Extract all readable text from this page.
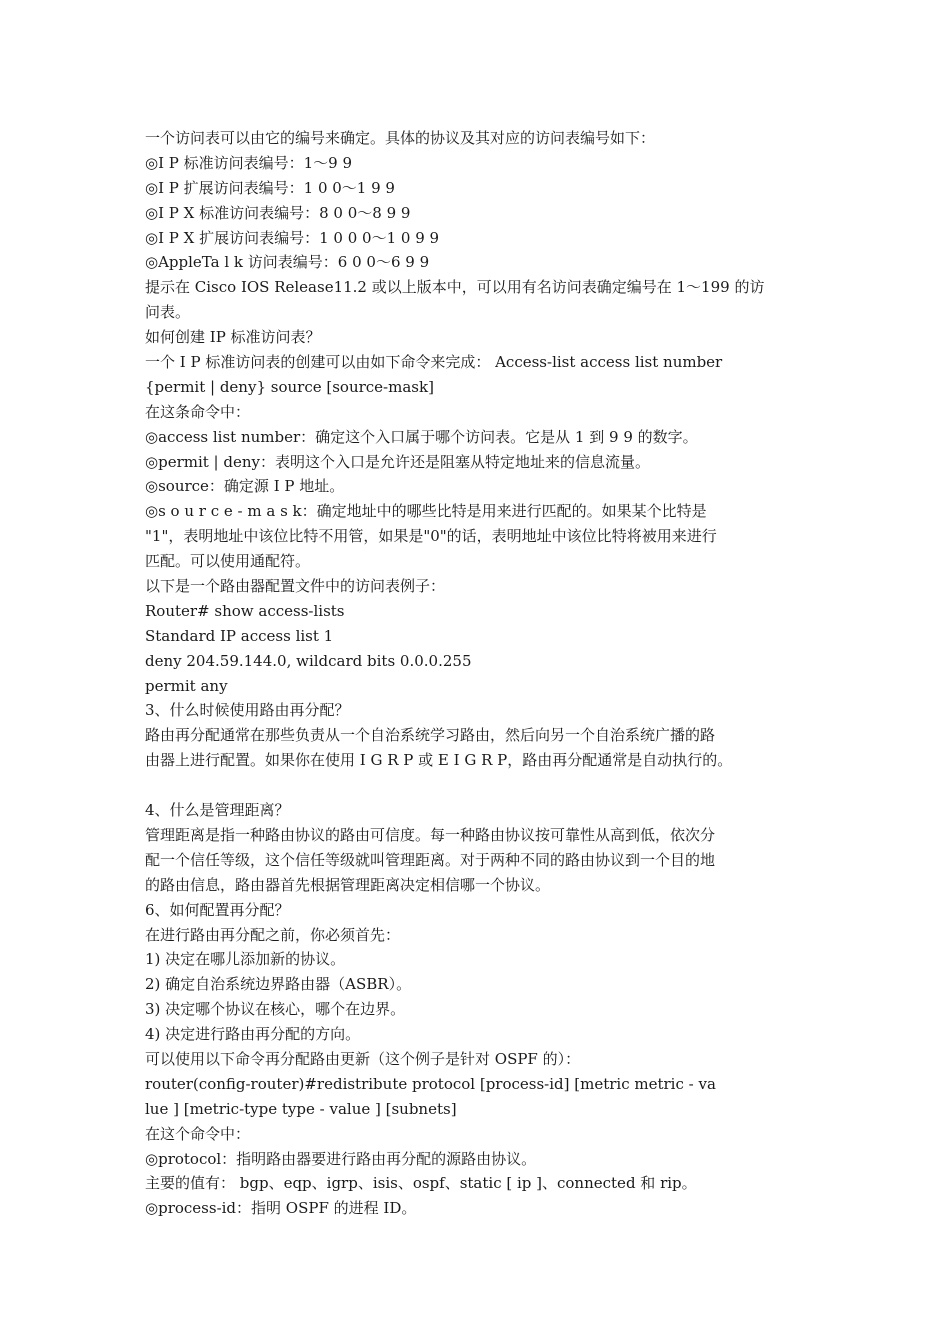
一个访问表可以由它的编号来确定。具体的协议及其对应的访问表编号如下：
◎I P 标准访问表编号：1～9 9
◎I P 扩展访问表编号：1 0 0～1 9 9
◎I P X 标准访问表编号：8 0 0～8 9 9
◎I P X 扩展访问表编号：1 0 0 0～1 0 9 9
◎AppleTa l k 访问表编号：6 0 0～6 9 9
提示在 Cisco IOS Release11.2 或以上版本中，可以用有名访问表确定编号在 1～199 的访
问表。
如何创建 IP 标准访问表？
一个 I P 标准访问表的创建可以由如下命令来完成： Access-list access list number
{permit | deny} source [source-mask]
在这条命令中：
◎access list number：确定这个入口属于哪个访问表。它是从 1 到 9 9 的数字。
◎permit | deny：表明这个入口是允许还是阻塞从特定地址来的信息流量。
◎source：确定源 I P 地址。
◎s o u r c e - m a s k：确定地址中的哪些比特是用来进行匹配的。如果某个比特是
"1"，表明地址中该位比特不用管，如果是"0"的话，表明地址中该位比特将被用来进行
匹配。可以使用通配符。
以下是一个路由器配置文件中的访问表例子：
Router# show access-lists
Standard IP access list 1
deny 204.59.144.0, wildcard bits 0.0.0.255
permit any
3、什么时候使用路由再分配？
路由再分配通常在那些负责从一个自治系统学习路由，然后向另一个自治系统广播的路
由器上进行配置。如果你在使用 I G R P 或 E I G R P，路由再分配通常是自动执行的。
4、什么是管理距离？
管理距离是指一种路由协议的路由可信度。每一种路由协议按可靠性从高到低，依次分
配一个信任等级，这个信任等级就叫管理距离。对于两种不同的路由协议到一个目的地
的路由信息，路由器首先根据管理距离决定相信哪一个协议。
6、如何配置再分配？
在进行路由再分配之前，你必须首先：
1) 决定在哪儿添加新的协议。
2) 确定自治系统边界路由器（ASBR）。
3) 决定哪个协议在核心，哪个在边界。
4) 决定进行路由再分配的方向。
可以使用以下命令再分配路由更新（这个例子是针对 OSPF 的）：
router(config-router)#redistribute protocol [process-id] [metric metric - va
lue ] [metric-type type - value ] [subnets]
在这个命令中：
◎protocol：指明路由器要进行路由再分配的源路由协议。
主要的值有： bgp、eqp、igrp、isis、ospf、static [ ip ]、connected 和 rip。
◎process-id：指明 OSPF 的进程 ID。
